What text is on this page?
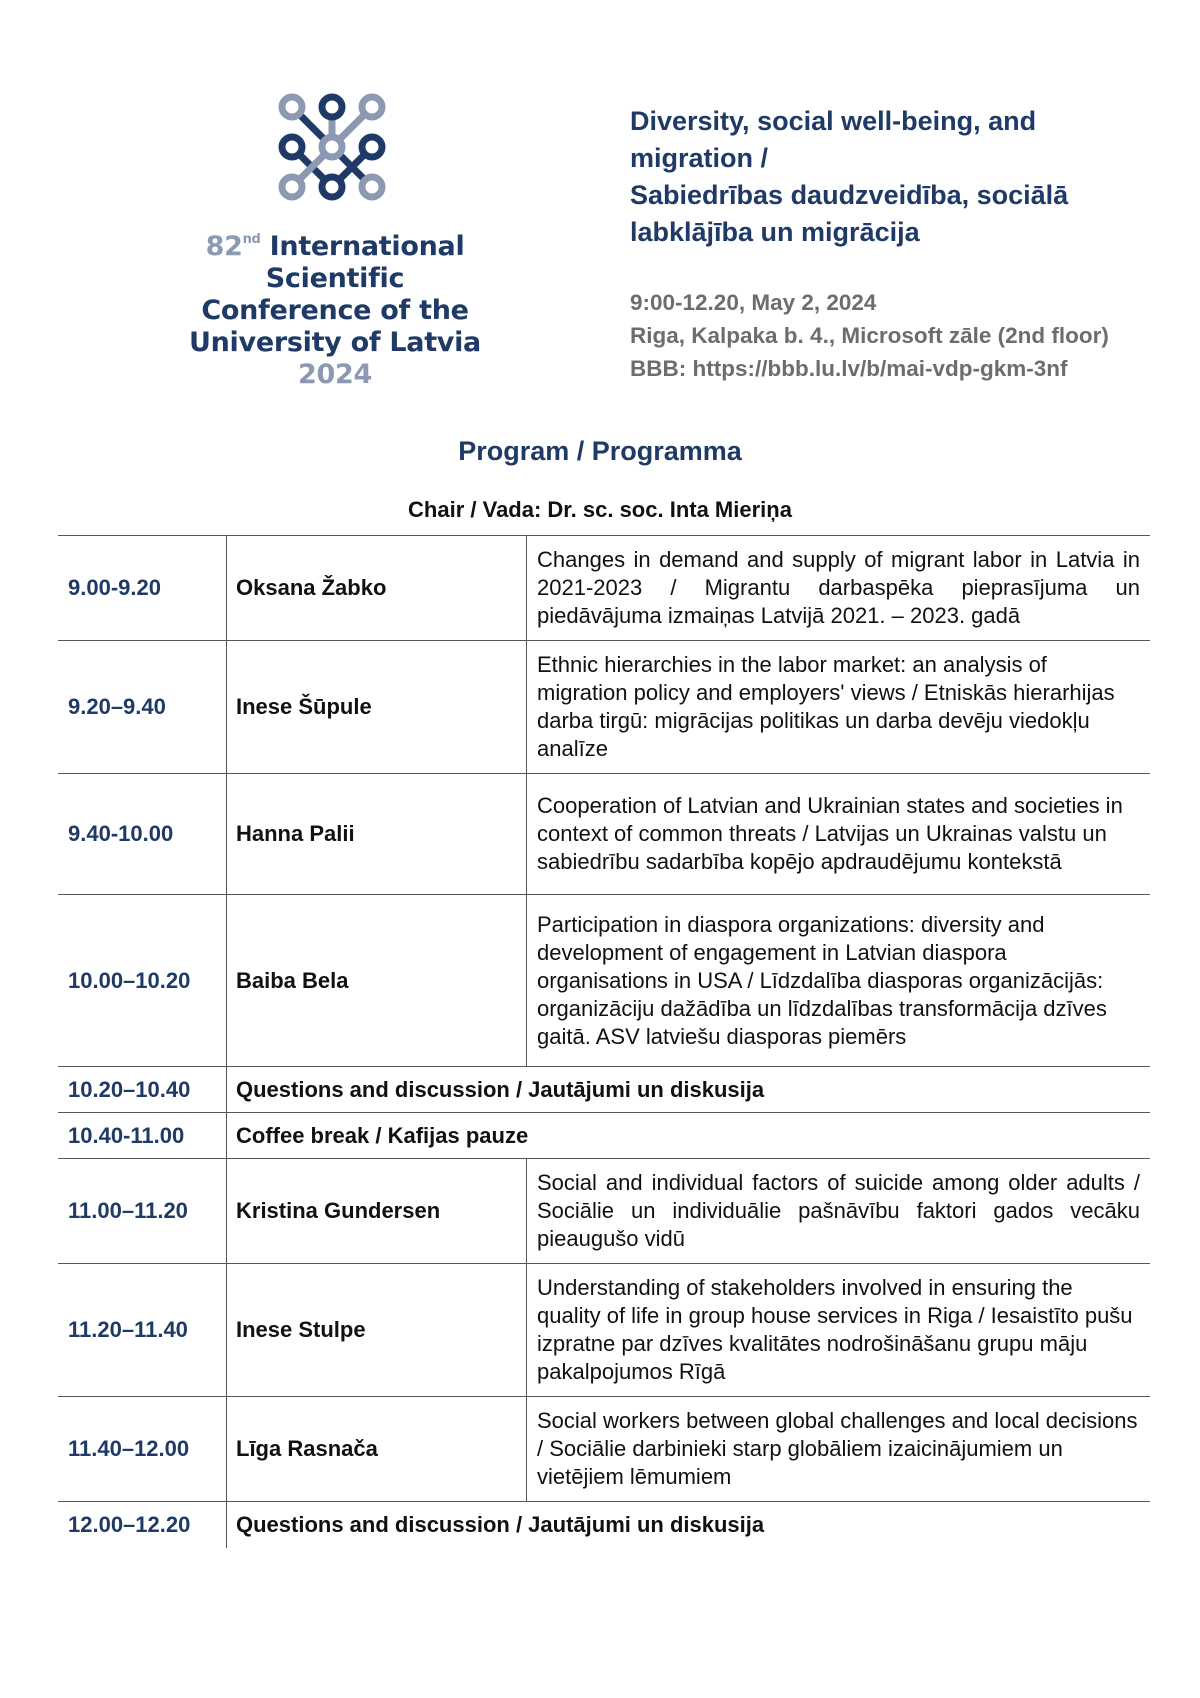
82nd International Scientific
Conference of the
University of Latvia 2024
Diversity, social well-being, and
migration /
Sabiedrības daudzveidība, sociālā
labklājība un migrācija
9:00-12.20, May 2, 2024
Riga, Kalpaka b. 4., Microsoft zāle (2nd floor)
BBB: https://bbb.lu.lv/b/mai-vdp-gkm-3nf
Program / Programma
Chair / Vada: Dr. sc. soc. Inta Mieriņa
9.00-9.20	Oksana Žabko	Changes in demand and supply of migrant labor in Latvia in 2021-2023 / Migrantu darbaspēka pieprasījuma un piedāvājuma izmaiņas Latvijā 2021. – 2023. gadā
9.20–9.40	Inese Šūpule	Ethnic hierarchies in the labor market: an analysis of migration policy and employers' views / Etniskās hierarhijas darba tirgū: migrācijas politikas un darba devēju viedokļu analīze
9.40-10.00	Hanna Palii	Cooperation of Latvian and Ukrainian states and societies in context of common threats / Latvijas un Ukrainas valstu un sabiedrību sadarbība kopējo apdraudējumu kontekstā
10.00–10.20	Baiba Bela	Participation in diaspora organizations: diversity and development of engagement in Latvian diaspora organisations in USA / Līdzdalība diasporas organizācijās: organizāciju dažādība un līdzdalības transformācija dzīves gaitā. ASV latviešu diasporas piemērs
10.20–10.40	Questions and discussion / Jautājumi un diskusija	
10.40-11.00	Coffee break / Kafijas pauze	
11.00–11.20	Kristina Gundersen	Social and individual factors of suicide among older adults / Sociālie un individuālie pašnāvību faktori gados vecāku pieaugušo vidū
11.20–11.40	Inese Stulpe	Understanding of stakeholders involved in ensuring the quality of life in group house services in Riga / Iesaistīto pušu izpratne par dzīves kvalitātes nodrošināšanu grupu māju pakalpojumos Rīgā
11.40–12.00	Līga Rasnača	Social workers between global challenges and local decisions / Sociālie darbinieki starp globāliem izaicinājumiem un vietējiem lēmumiem
12.00–12.20	Questions and discussion / Jautājumi un diskusija	
